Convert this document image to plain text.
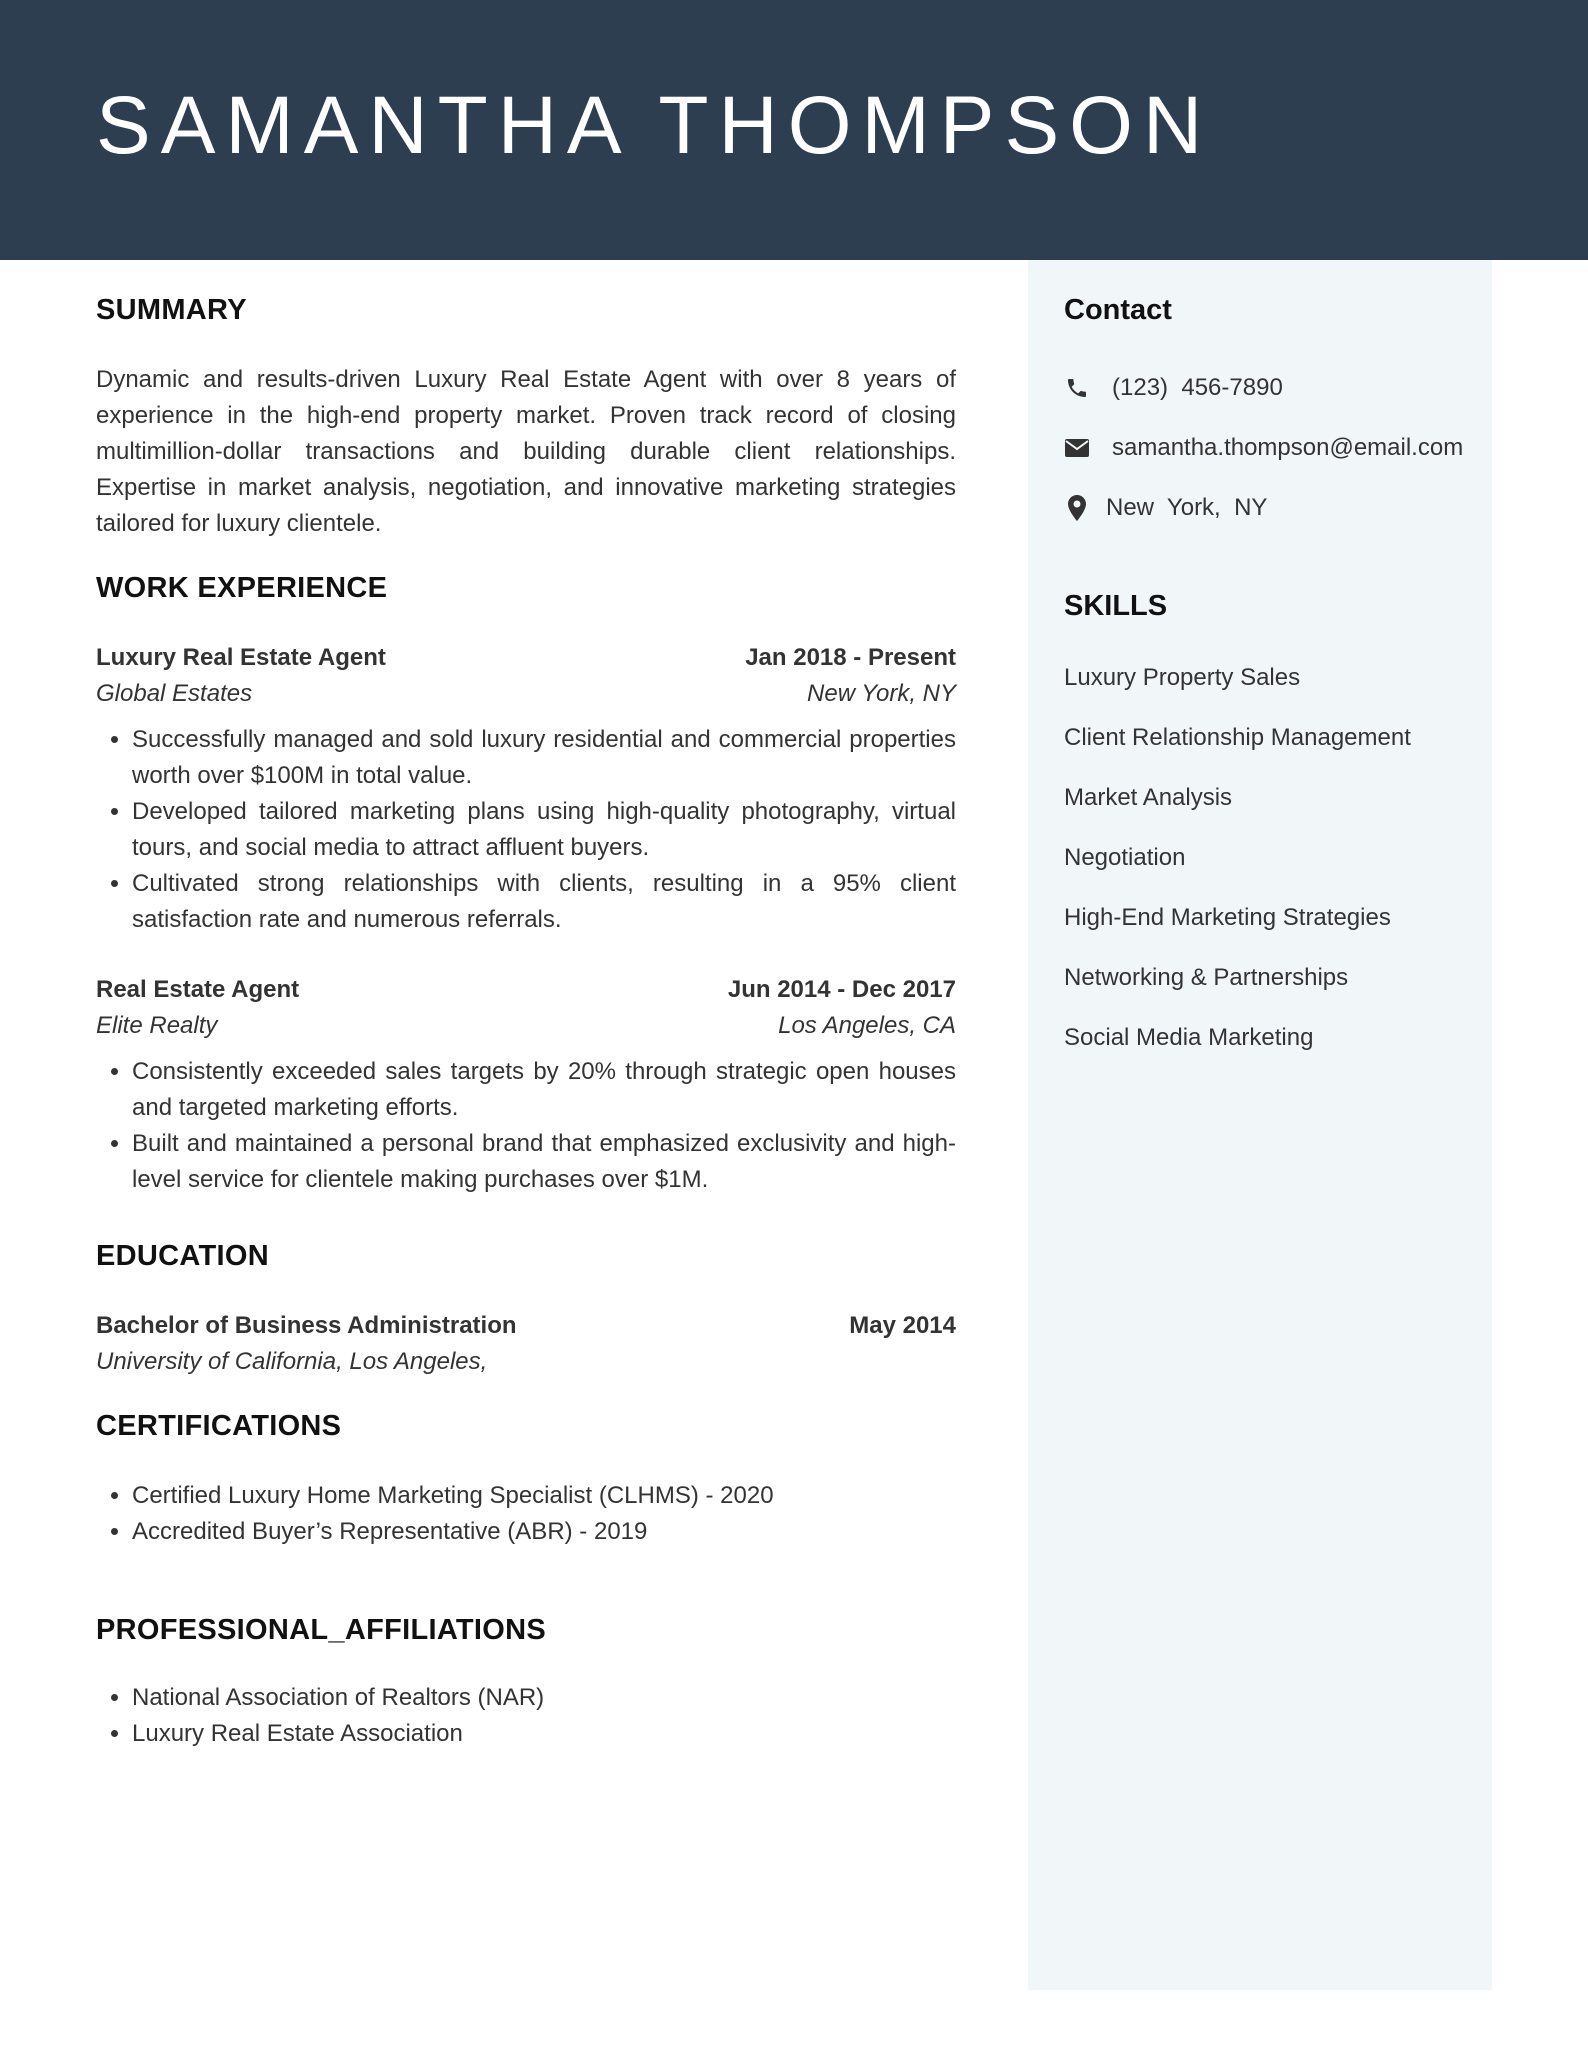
SAMANTHA THOMPSON
SUMMARY

Dynamic and results-driven Luxury Real Estate Agent with over 8 years of experience in the high-end property market. Proven track record of closing multimillion-dollar transactions and building durable client relationships. Expertise in market analysis, negotiation, and innovative marketing strategies tailored for luxury clientele.

WORK EXPERIENCE
Luxury Real Estate Agent	Jan 2018 - Present
Global Estates	New York, NY
• Successfully managed and sold luxury residential and commercial properties worth over $100M in total value.
• Developed tailored marketing plans using high-quality photography, virtual tours, and social media to attract affluent buyers.
• Cultivated strong relationships with clients, resulting in a 95% client satisfaction rate and numerous referrals.
Real Estate Agent	Jun 2014 - Dec 2017
Elite Realty	Los Angeles, CA
• Consistently exceeded sales targets by 20% through strategic open houses and targeted marketing efforts.
• Built and maintained a personal brand that emphasized exclusivity and high-level service for clientele making purchases over $1M.
EDUCATION
Bachelor of Business Administration	May 2014
University of California, Los Angeles,
CERTIFICATIONS
• Certified Luxury Home Marketing Specialist (CLHMS) - 2020
• Accredited Buyer’s Representative (ABR) - 2019
PROFESSIONAL_AFFILIATIONS
• National Association of Realtors (NAR)
• Luxury Real Estate Association
Contact
(123)  456-7890
samantha.thompson@email.com
New  York,  NY
SKILLS
Luxury Property Sales
Client Relationship Management
Market Analysis
Negotiation
High-End Marketing Strategies
Networking & Partnerships
Social Media Marketing
